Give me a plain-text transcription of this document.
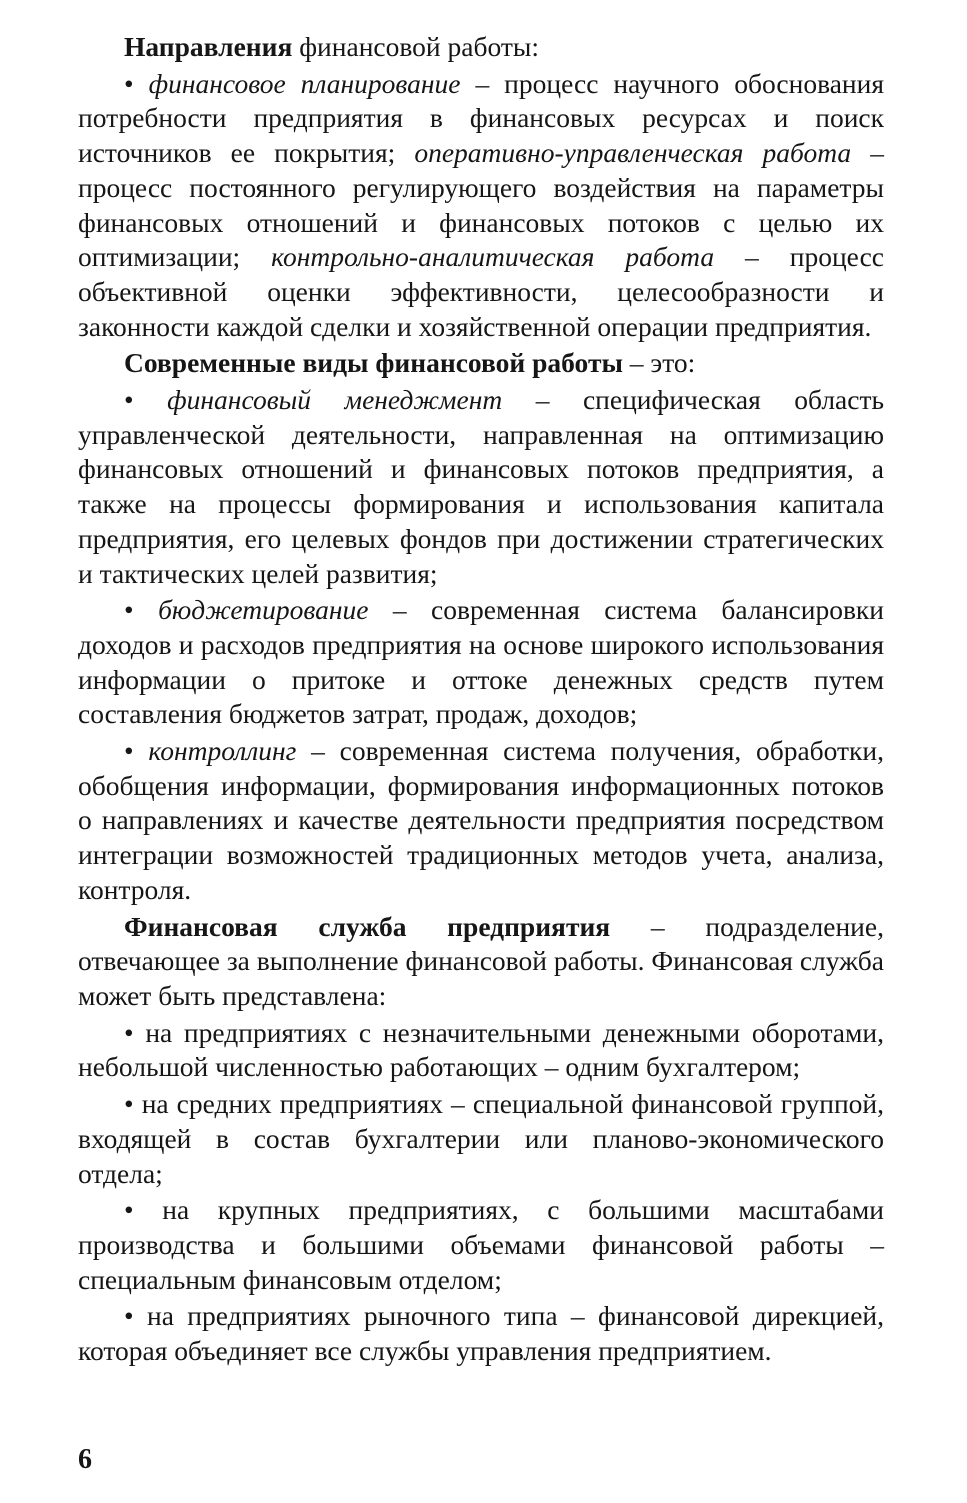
Направления финансовой работы:

• финансовое планирование – процесс научного обоснования потребности предприятия в финансовых ресурсах и поиск источников ее покрытия; оперативно-управленческая работа – процесс постоянного регулирующего воздействия на параметры финансовых отношений и финансовых потоков с целью их оптимизации; контрольно-аналитическая работа – процесс объективной оценки эффективности, целесообразности и законности каждой сделки и хозяйственной операции предприятия.

Современные виды финансовой работы – это:

• финансовый менеджмент – специфическая область управленческой деятельности, направленная на оптимизацию финансовых отношений и финансовых потоков предприятия, а также на процессы формирования и использования капитала предприятия, его целевых фондов при достижении стратегических и тактических целей развития;

• бюджетирование – современная система балансировки доходов и расходов предприятия на основе широкого использования информации о притоке и оттоке денежных средств путем составления бюджетов затрат, продаж, доходов;

• контроллинг – современная система получения, обработки, обобщения информации, формирования информационных потоков о направлениях и качестве деятельности предприятия посредством интеграции возможностей традиционных методов учета, анализа, контроля.

Финансовая служба предприятия – подразделение, отвечающее за выполнение финансовой работы. Финансовая служба может быть представлена:

• на предприятиях с незначительными денежными оборотами, небольшой численностью работающих – одним бухгалтером;

• на средних предприятиях – специальной финансовой группой, входящей в состав бухгалтерии или планово-экономического отдела;

• на крупных предприятиях, с большими масштабами производства и большими объемами финансовой работы – специальным финансовым отделом;

• на предприятиях рыночного типа – финансовой дирекцией, которая объединяет все службы управления предприятием.

6
